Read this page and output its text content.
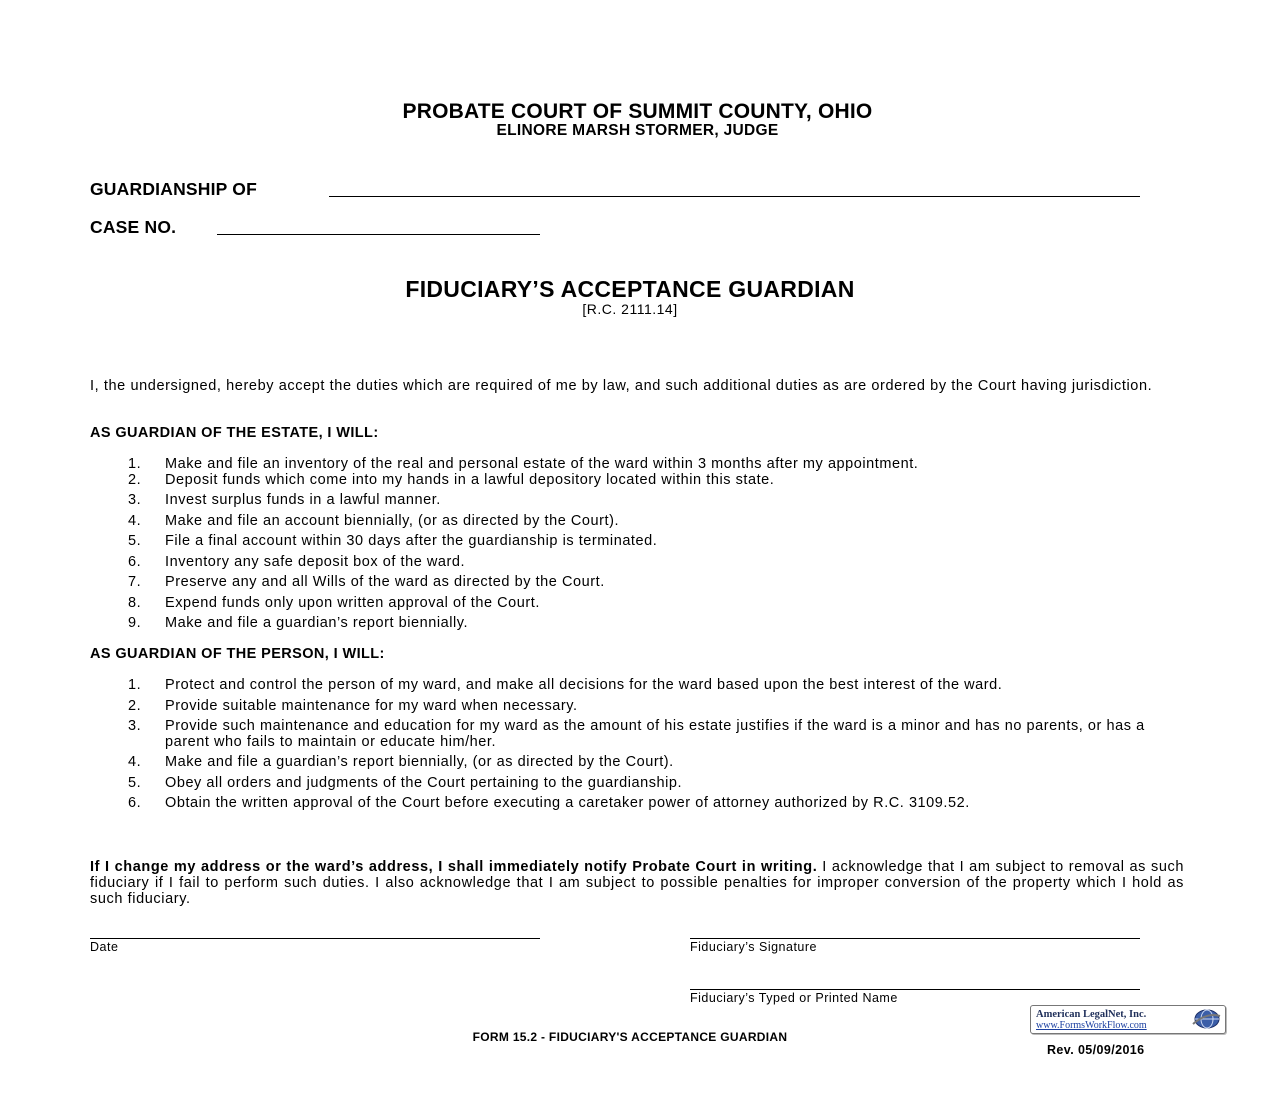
PROBATE COURT OF SUMMIT COUNTY, OHIO
ELINORE MARSH STORMER, JUDGE
GUARDIANSHIP OF
CASE NO.
FIDUCIARY’S ACCEPTANCE GUARDIAN
[R.C. 2111.14]
I, the undersigned, hereby accept the duties which are required of me by law, and such additional duties as are ordered by the Court having jurisdiction.
AS GUARDIAN OF THE ESTATE, I WILL:
1. Make and file an inventory of the real and personal estate of the ward within 3 months after my appointment.
2. Deposit funds which come into my hands in a lawful depository located within this state.
3. Invest surplus funds in a lawful manner.
4. Make and file an account biennially, (or as directed by the Court).
5. File a final account within 30 days after the guardianship is terminated.
6. Inventory any safe deposit box of the ward.
7. Preserve any and all Wills of the ward as directed by the Court.
8. Expend funds only upon written approval of the Court.
9. Make and file a guardian’s report biennially.
AS GUARDIAN OF THE PERSON, I WILL:
1. Protect and control the person of my ward, and make all decisions for the ward based upon the best interest of the ward.
2. Provide suitable maintenance for my ward when necessary.
3. Provide such maintenance and education for my ward as the amount of his estate justifies if the ward is a minor and has no parents, or has a parent who fails to maintain or educate him/her.
4. Make and file a guardian’s report biennially, (or as directed by the Court).
5. Obey all orders and judgments of the Court pertaining to the guardianship.
6. Obtain the written approval of the Court before executing a caretaker power of attorney authorized by R.C. 3109.52.
If I change my address or the ward’s address, I shall immediately notify Probate Court in writing. I acknowledge that I am subject to removal as such fiduciary if I fail to perform such duties. I also acknowledge that I am subject to possible penalties for improper conversion of the property which I hold as such fiduciary.
Date	Fiduciary’s Signature
Fiduciary’s Typed or Printed Name
American LegalNet, Inc.
www.FormsWorkFlow.com
FORM 15.2 - FIDUCIARY'S ACCEPTANCE GUARDIAN
Rev. 05/09/2016
